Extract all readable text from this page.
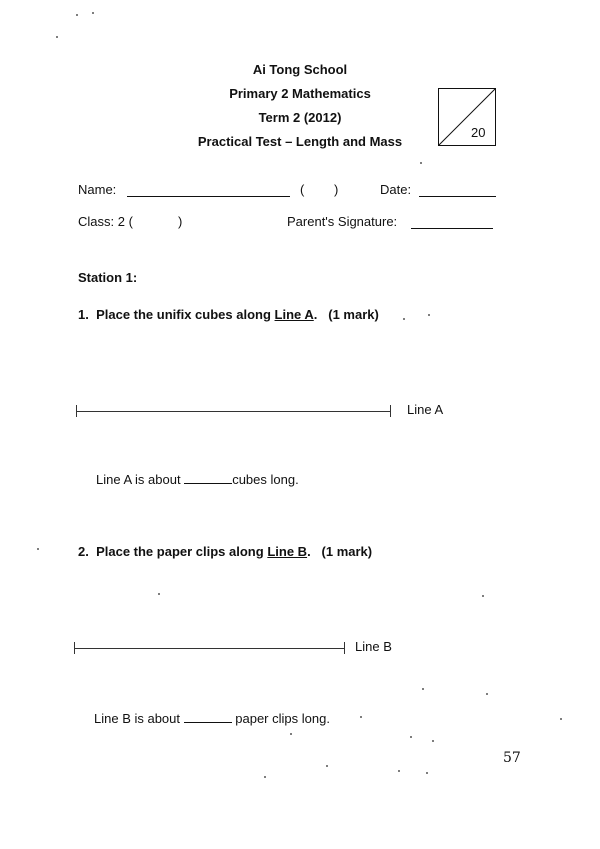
Ai Tong School
Primary 2 Mathematics
Term 2 (2012)
Practical Test – Length and Mass
20
Name:	( )	Date:
Class: 2 (	)	Parent's Signature:
Station 1:
1. Place the unifix cubes along Line A. (1 mark)
Line A
Line A is about	cubes long.
2. Place the paper clips along Line B. (1 mark)
Line B
Line B is about	paper clips long.
57
